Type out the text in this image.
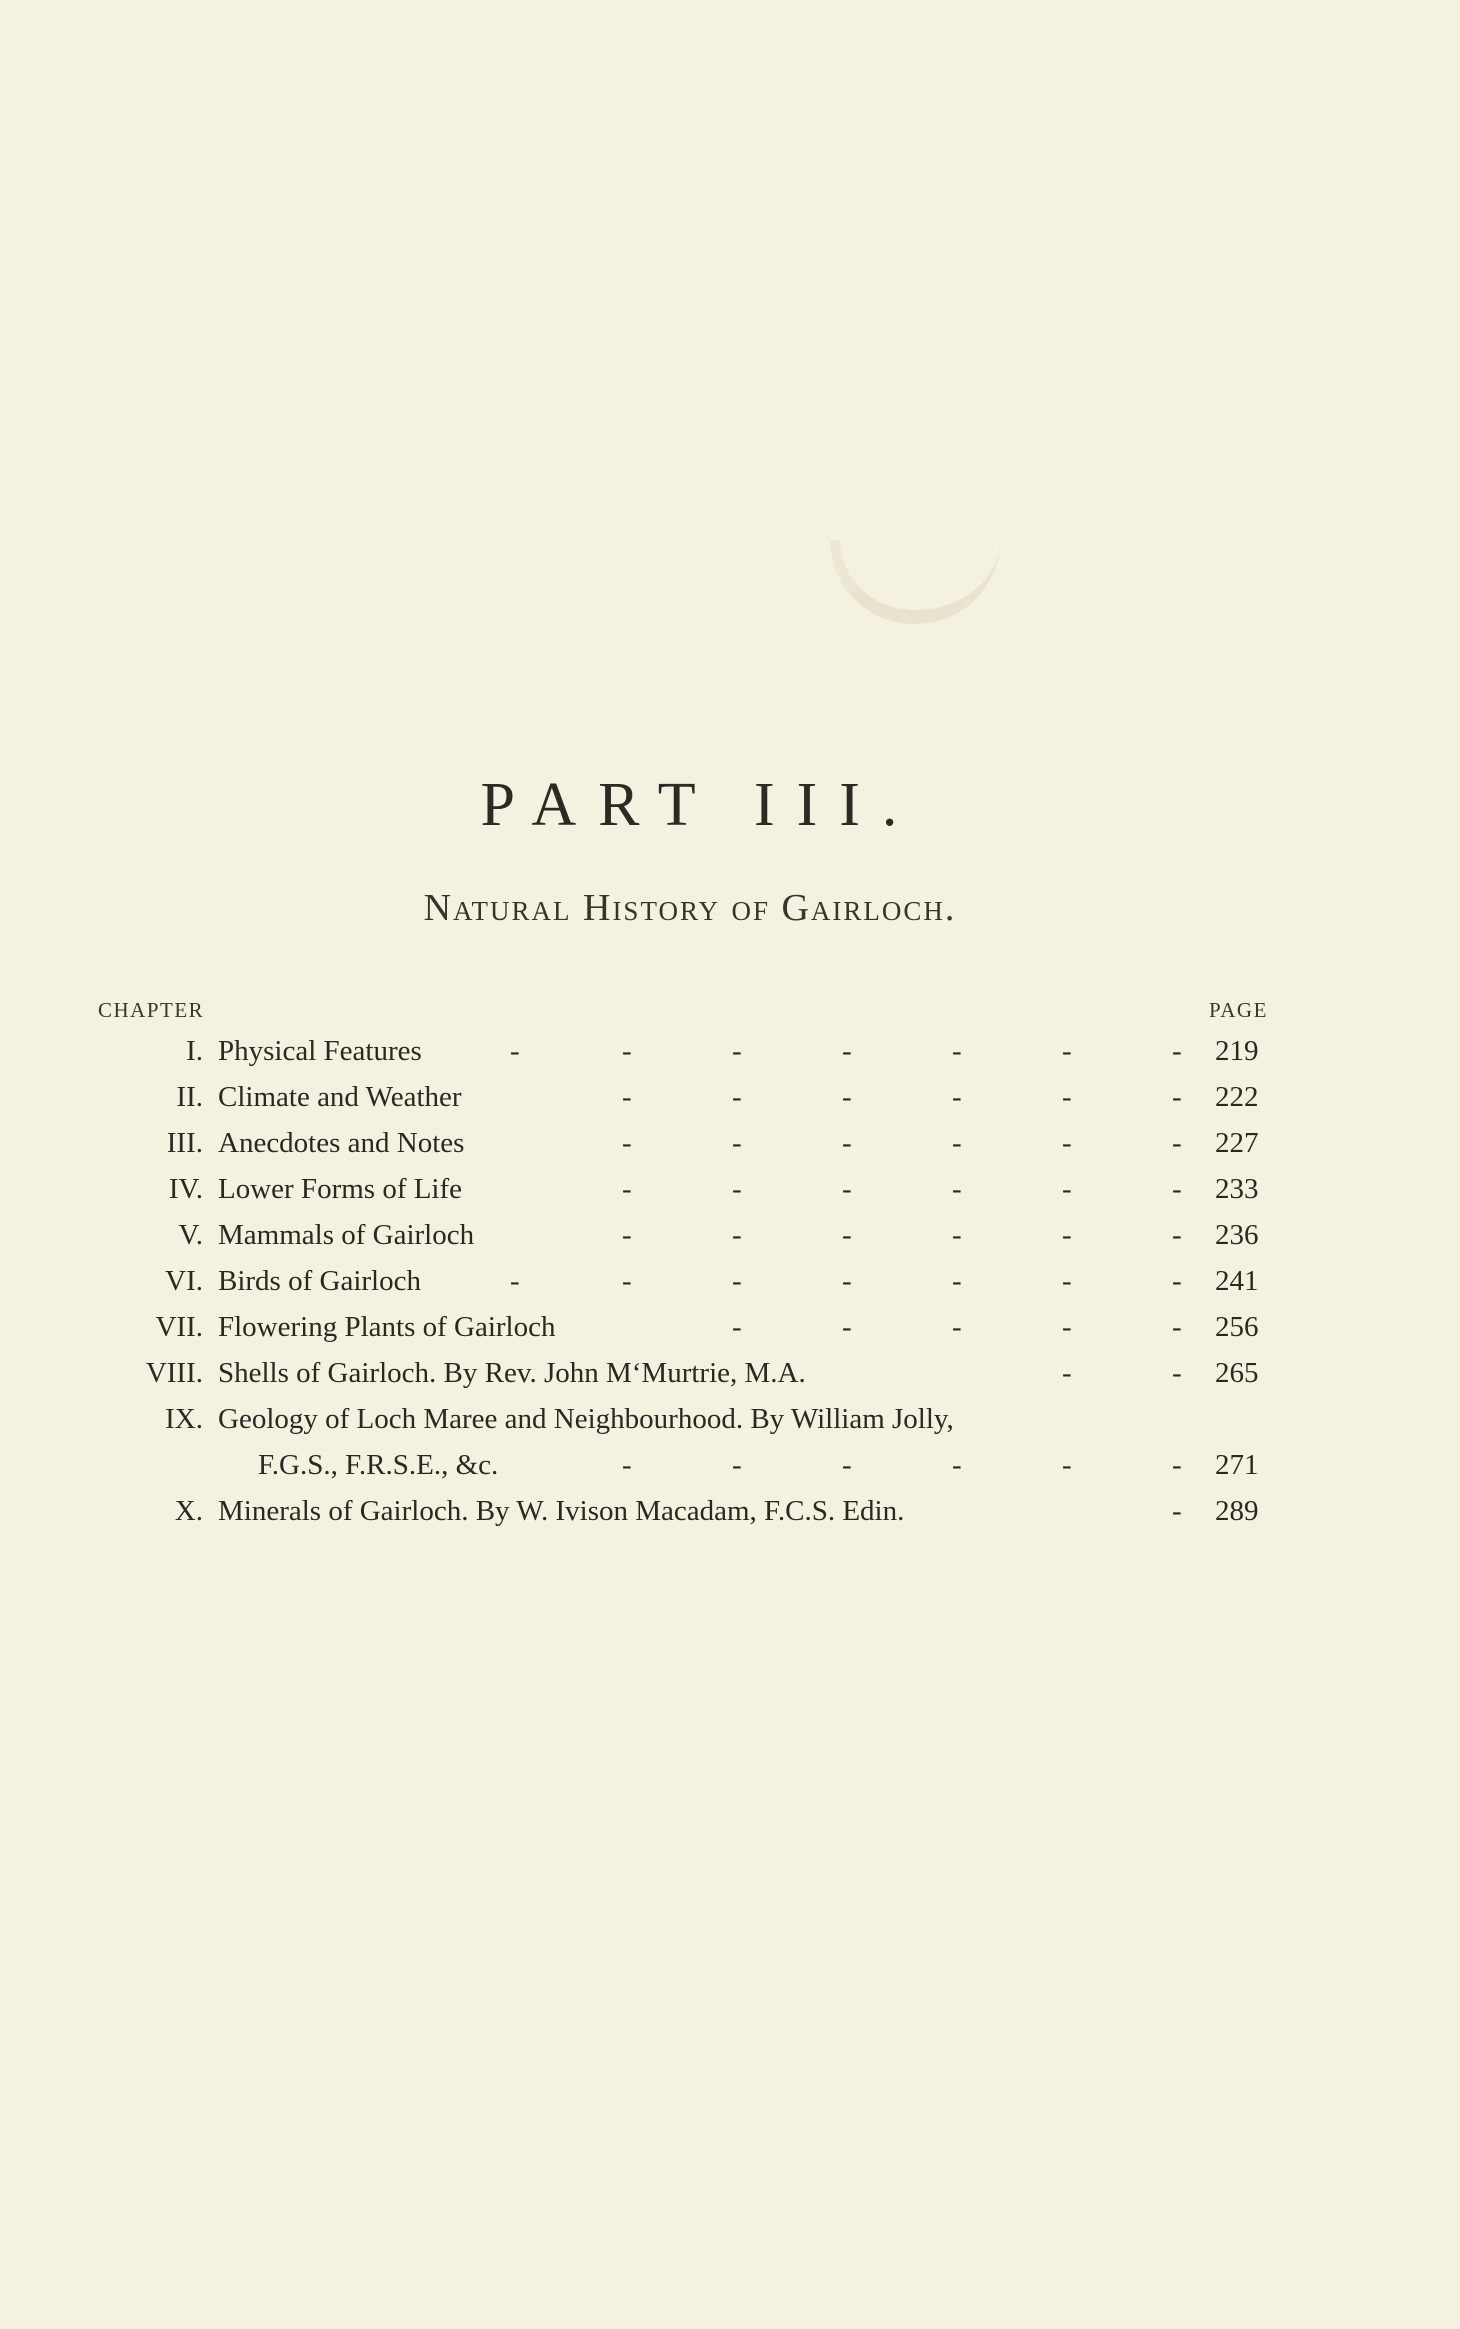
PART III.
Natural History of Gairloch.
CHAPTER	PAGE
I. Physical Features	-	-	-	-	-	-	- 219
II. Climate and Weather	-	-	-	-	-	- 222
III. Anecdotes and Notes	-	-	-	-	-	- 227
IV. Lower Forms of Life	-	-	-	-	-	- 233
V. Mammals of Gairloch	-	-	-	-	-	- 236
VI. Birds of Gairloch	-	-	-	-	-	-	- 241
VII. Flowering Plants of Gairloch	-	-	-	-	- 256
VIII. Shells of Gairloch. By Rev. John M‘Murtrie, M.A.	-	- 265
IX. Geology of Loch Maree and Neighbourhood. By William Jolly,
F.G.S., F.R.S.E., &c.	-	-	-	-	-	- 271
X. Minerals of Gairloch. By W. Ivison Macadam, F.C.S. Edin.	- 289
